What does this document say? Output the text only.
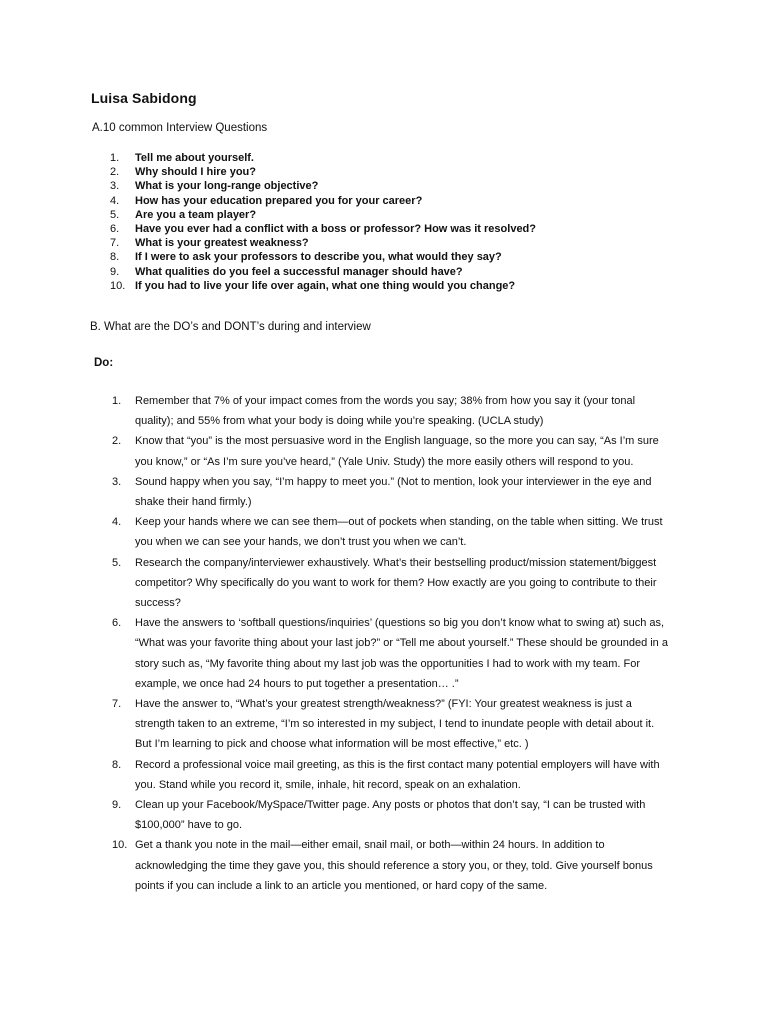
Luisa Sabidong
A.10 common Interview Questions
1. Tell me about yourself.
2. Why should I hire you?
3. What is your long-range objective?
4. How has your education prepared you for your career?
5. Are you a team player?
6. Have you ever had a conflict with a boss or professor? How was it resolved?
7. What is your greatest weakness?
8. If I were to ask your professors to describe you, what would they say?
9. What qualities do you feel a successful manager should have?
10. If you had to live your life over again, what one thing would you change?
B. What are the DO’s and DONT’s during and interview
Do:
1. Remember that 7% of your impact comes from the words you say; 38% from how you say it (your tonal quality); and 55% from what your body is doing while you’re speaking. (UCLA study)
2. Know that “you” is the most persuasive word in the English language, so the more you can say, “As I’m sure you know,” or “As I’m sure you’ve heard,” (Yale Univ. Study) the more easily others will respond to you.
3. Sound happy when you say, “I’m happy to meet you.” (Not to mention, look your interviewer in the eye and shake their hand firmly.)
4. Keep your hands where we can see them—out of pockets when standing, on the table when sitting. We trust you when we can see your hands, we don’t trust you when we can’t.
5. Research the company/interviewer exhaustively. What’s their bestselling product/mission statement/biggest competitor? Why specifically do you want to work for them? How exactly are you going to contribute to their success?
6. Have the answers to ‘softball questions/inquiries’ (questions so big you don’t know what to swing at) such as, “What was your favorite thing about your last job?” or “Tell me about yourself.” These should be grounded in a story such as, “My favorite thing about my last job was the opportunities I had to work with my team. For example, we once had 24 hours to put together a presentation… .”
7. Have the answer to, “What’s your greatest strength/weakness?” (FYI: Your greatest weakness is just a strength taken to an extreme, “I’m so interested in my subject, I tend to inundate people with detail about it. But I’m learning to pick and choose what information will be most effective,” etc. )
8. Record a professional voice mail greeting, as this is the first contact many potential employers will have with you. Stand while you record it, smile, inhale, hit record, speak on an exhalation.
9. Clean up your Facebook/MySpace/Twitter page. Any posts or photos that don’t say, “I can be trusted with $100,000” have to go.
10. Get a thank you note in the mail—either email, snail mail, or both—within 24 hours. In addition to acknowledging the time they gave you, this should reference a story you, or they, told. Give yourself bonus points if you can include a link to an article you mentioned, or hard copy of the same.
